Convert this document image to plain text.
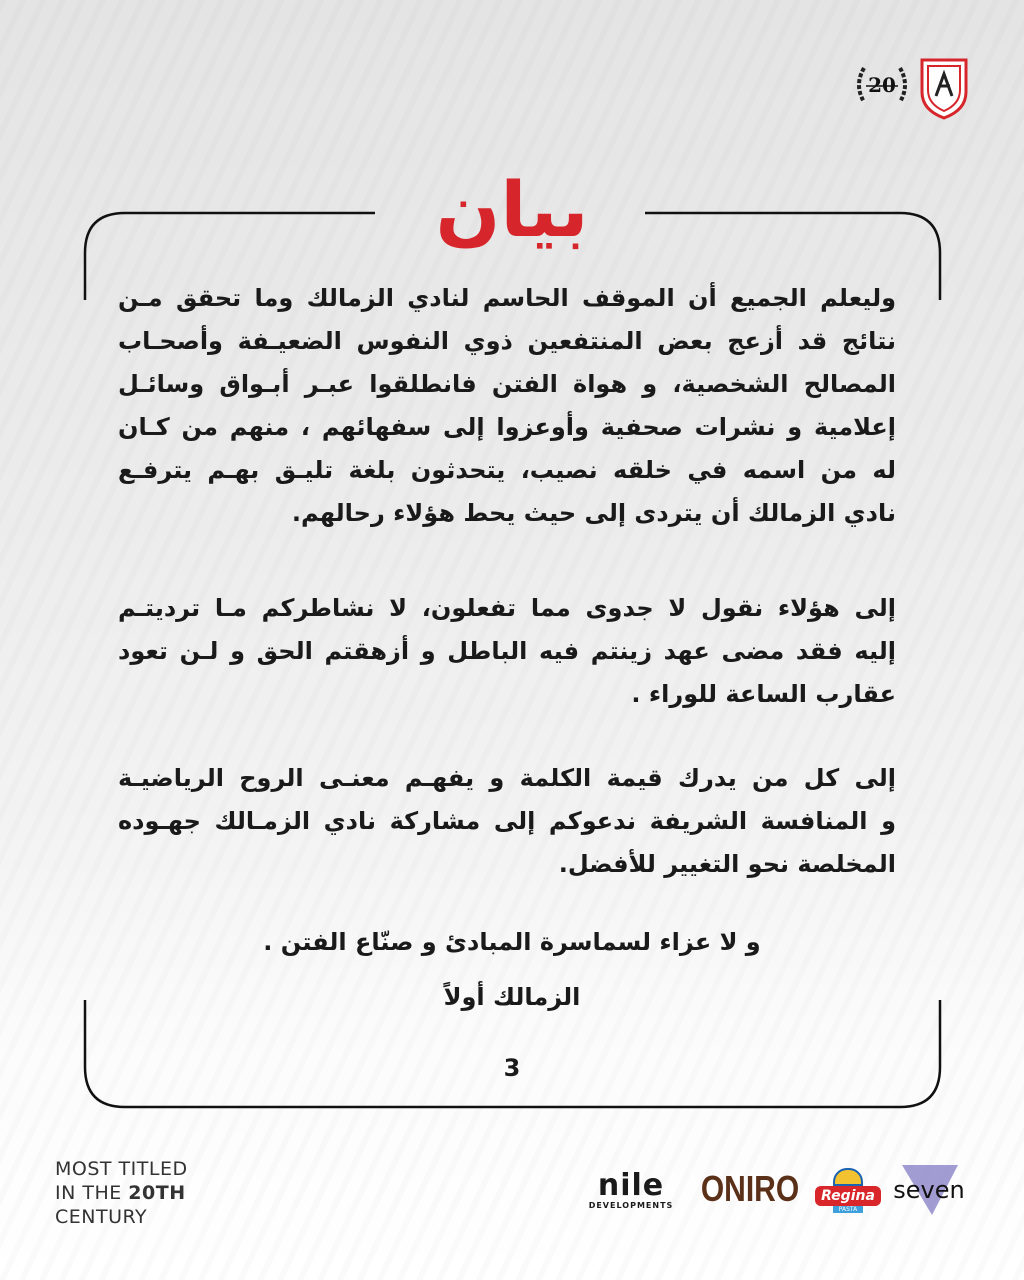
20
بيان
وليعلم الجميع أن الموقف الحاسم لنادي الزمالك وما تحقق مـن
نتائج قد أزعج بعض المنتفعين ذوي النفوس الضعيـفة وأصحـاب
المصالح الشخصية، و هواة الفتن فانطلقوا عبـر أبـواق وسائـل
إعلامية و نشرات صحفية وأوعزوا إلى سفهائهم ، منهم من كـان
له من اسمه في خلقه نصيب، يتحدثون بلغة تليـق بهـم يترفـع
نادي الزمالك أن يتردى إلى حيث يحط هؤلاء رحالهم.
إلى هؤلاء نقول لا جدوى مما تفعلون، لا نشاطركم مـا ترديتـم
إليه فقد مضى عهد زينتم فيه الباطل و أزهقتم الحق و لـن تعود
عقارب الساعة للوراء .
إلى كل من يدرك قيمة الكلمة و يفهـم معنـى الروح الرياضيـة
و المنافسة الشريفة ندعوكم إلى مشاركة نادي الزمـالك جهـوده
المخلصة نحو التغيير للأفضل.
و لا عزاء لسماسرة المبادئ و صنّاع الفتن .
الزمالك أولاً
3
MOST TITLED
IN THE 20TH
CENTURY
nile
DEVELOPMENTS ONIRO	Regina
PASTA
seven
